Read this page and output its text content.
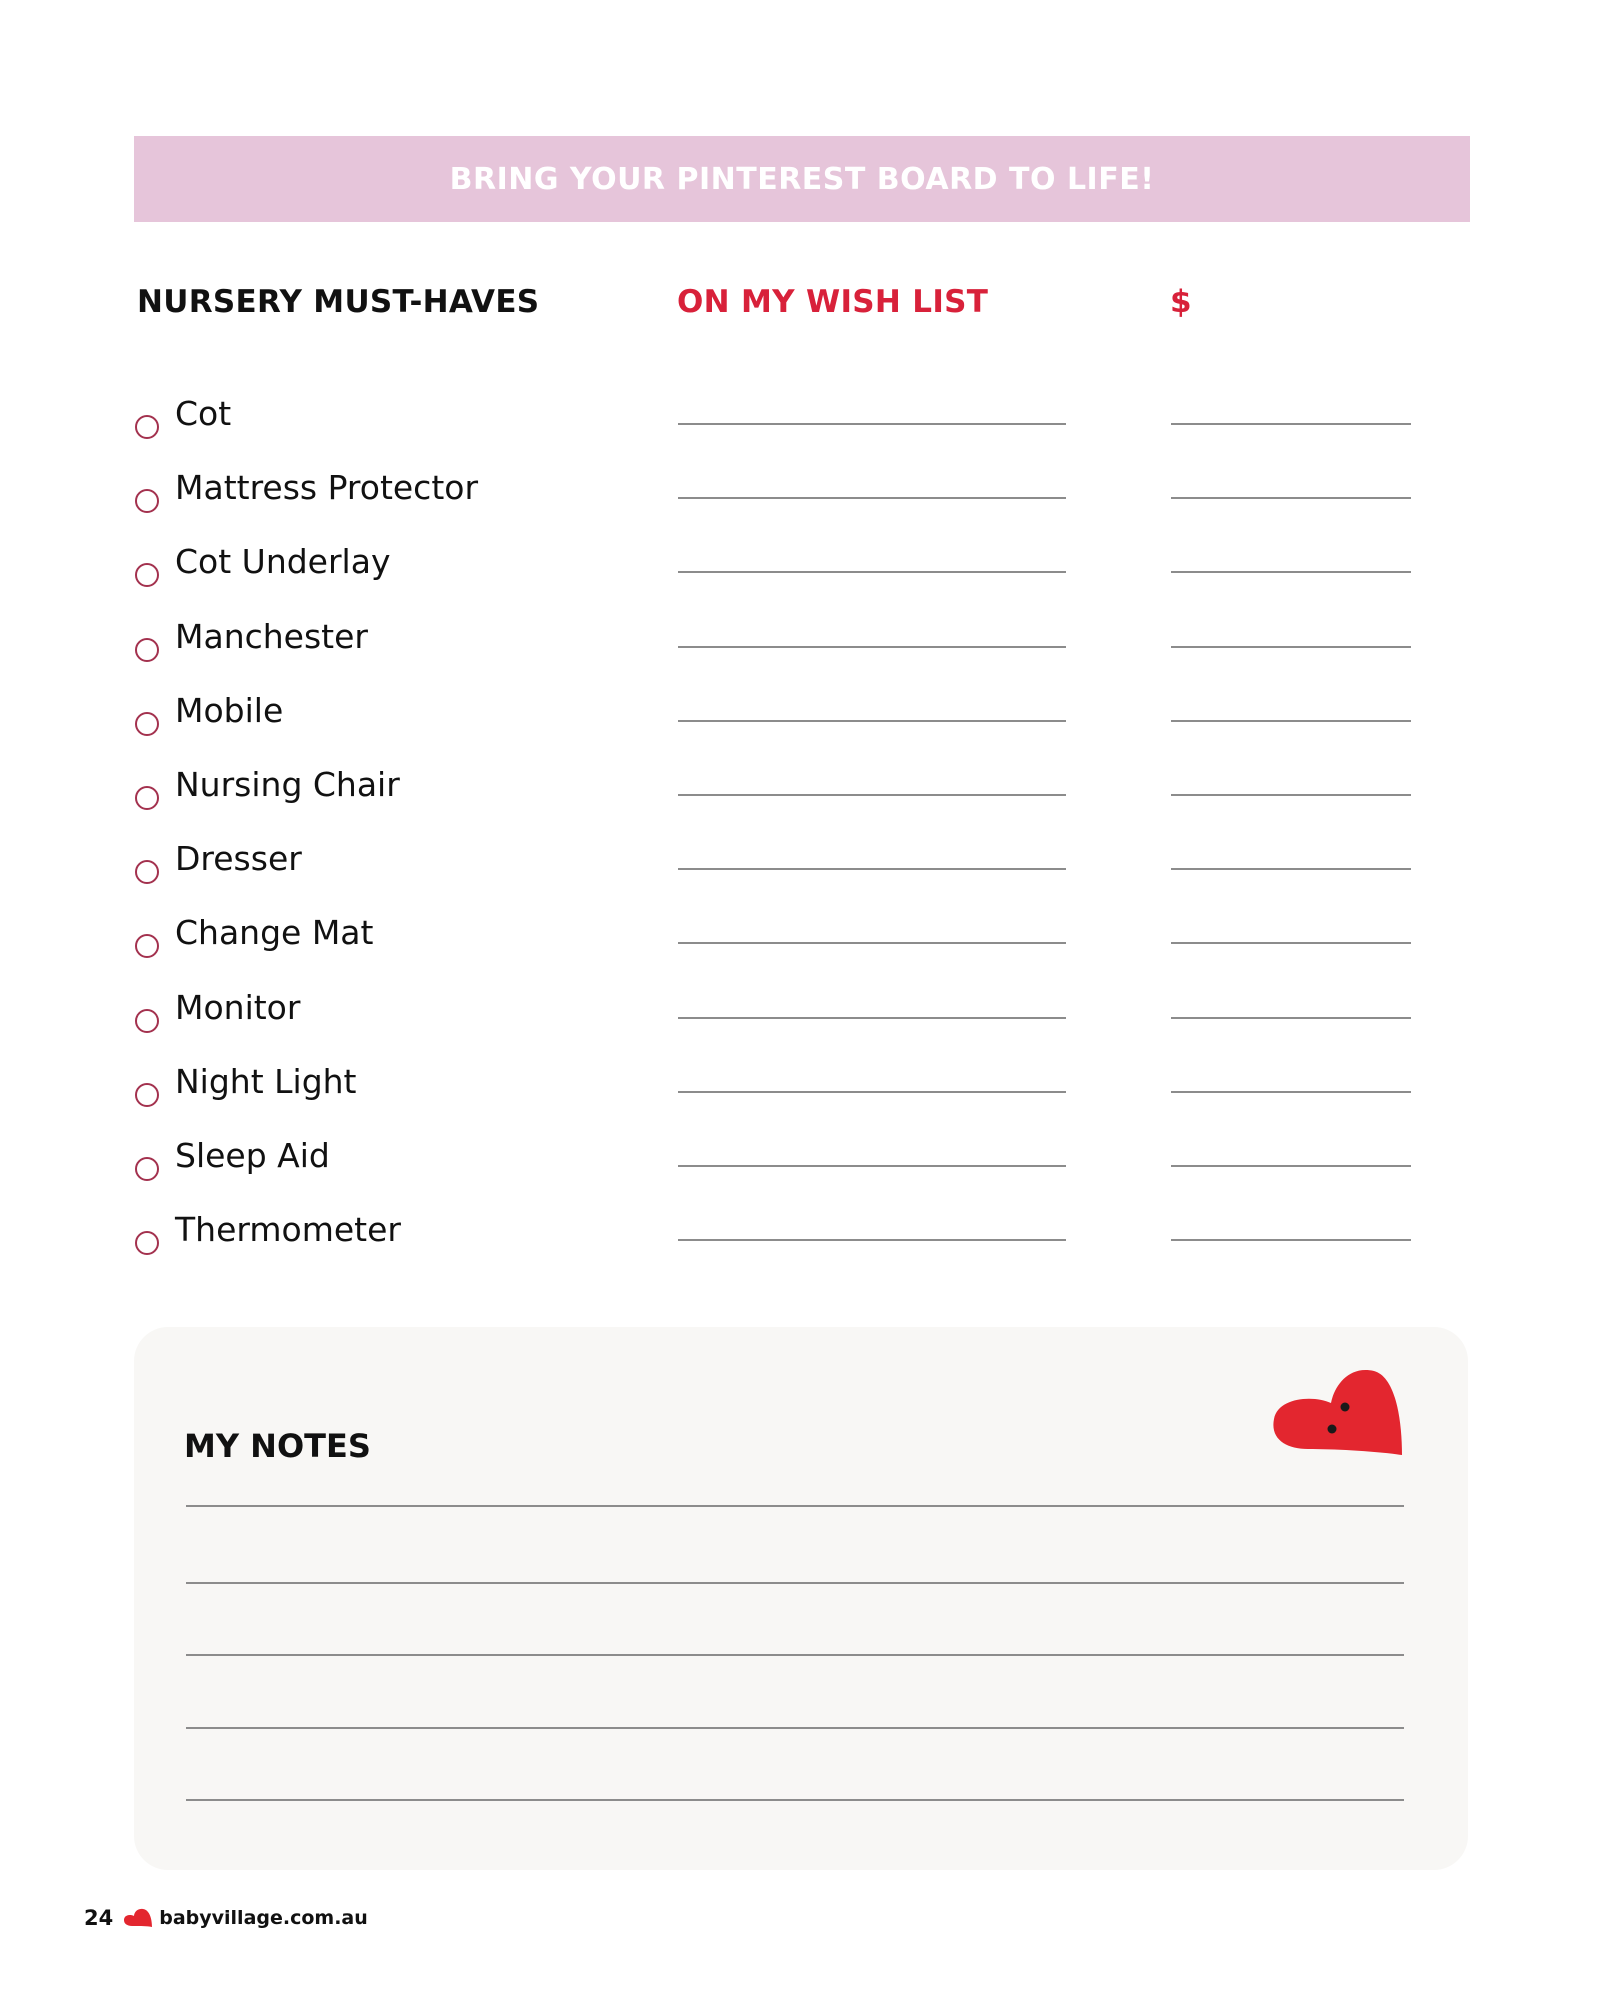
BRING YOUR PINTEREST BOARD TO LIFE!
NURSERY MUST-HAVES	ON MY WISH LIST	$
Cot
Mattress Protector
Cot Underlay
Manchester
Mobile
Nursing Chair
Dresser
Change Mat
Monitor
Night Light
Sleep Aid
Thermometer
MY NOTES
24 babyvillage.com.au
